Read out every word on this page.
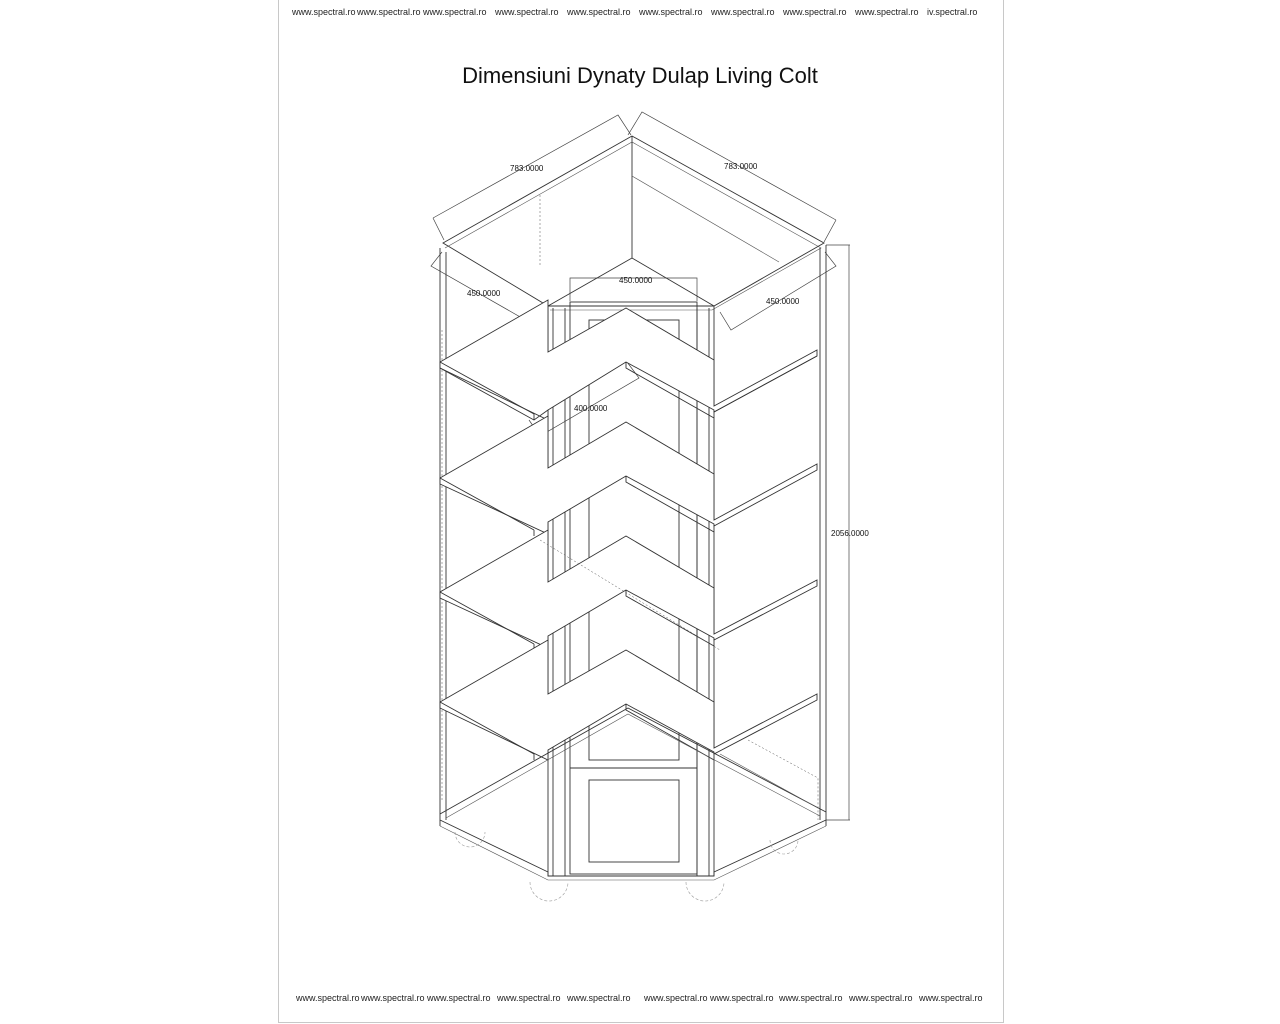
www.spectral.ro www.spectral.ro www.spectral.ro www.spectral.ro www.spectral.ro www.spectral.ro www.spectral.ro www.spectral.ro www.spectral.ro iv.spectral.ro
www.spectral.ro www.spectral.ro www.spectral.ro www.spectral.ro www.spectral.ro www.spectral.ro www.spectral.ro www.spectral.ro www.spectral.ro www.spectral.ro
Dimensiuni Dynaty Dulap Living Colt
783.0000	783.0000
450.0000
450.0000
450.0000
400.0000
2056.0000
